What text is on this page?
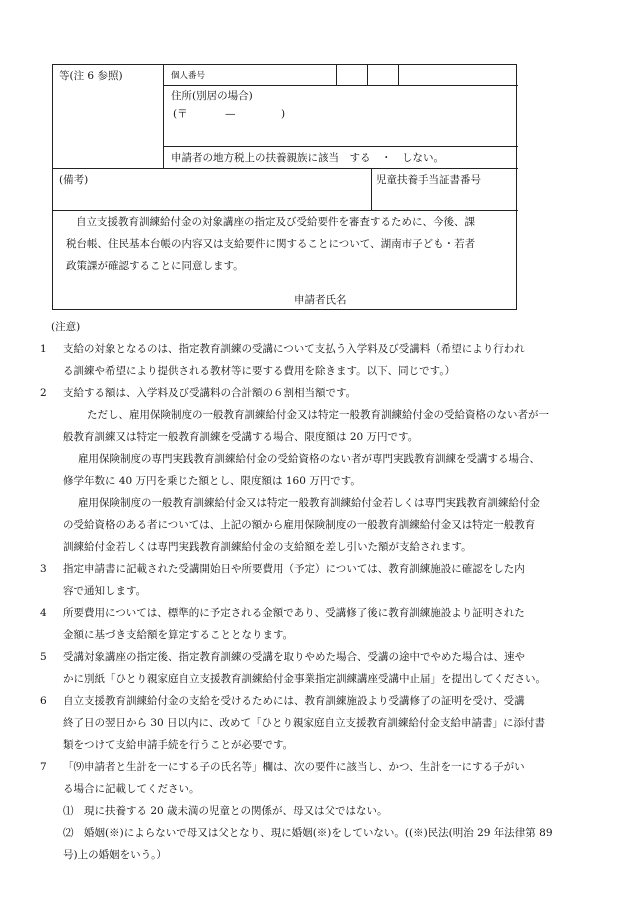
等(注 6 参照)	個人番号
住所(別居の場合)
(〒	—	)
申請者の地方税上の扶養親族に該当　する　・　しない。
(備考)	児童扶養手当証書番号
申請者氏名
自立支援教育訓練給付金の対象講座の指定及び受給要件を審査するために、今後、課
税台帳、住民基本台帳の内容又は支給要件に関することについて、湖南市子ども・若者
政策課が確認することに同意します。
(注意)
1 支給の対象となるのは、指定教育訓練の受講について支払う入学料及び受講料（希望により行われ
る訓練や希望により提供される教材等に要する費用を除きます。以下、同じです。）
2 支給する額は、入学料及び受講料の合計額の６割相当額です。
ただし、雇用保険制度の一般教育訓練給付金又は特定一般教育訓練給付金の受給資格のない者が一
般教育訓練又は特定一般教育訓練を受講する場合、限度額は 20 万円です。
雇用保険制度の専門実践教育訓練給付金の受給資格のない者が専門実践教育訓練を受講する場合、
修学年数に 40 万円を乗じた額とし、限度額は 160 万円です。
雇用保険制度の一般教育訓練給付金又は特定一般教育訓練給付金若しくは専門実践教育訓練給付金
の受給資格のある者については、上記の額から雇用保険制度の一般教育訓練給付金又は特定一般教育
訓練給付金若しくは専門実践教育訓練給付金の支給額を差し引いた額が支給されます。
3 指定申請書に記載された受講開始日や所要費用（予定）については、教育訓練施設に確認をした内
容で通知します。
4 所要費用については、標準的に予定される金額であり、受講修了後に教育訓練施設より証明された
金額に基づき支給額を算定することとなります。
5 受講対象講座の指定後、指定教育訓練の受講を取りやめた場合、受講の途中でやめた場合は、速や
かに別紙「ひとり親家庭自立支援教育訓練給付金事業指定訓練講座受講中止届」を提出してください。
6 自立支援教育訓練給付金の支給を受けるためには、教育訓練施設より受講修了の証明を受け、受講
終了日の翌日から 30 日以内に、改めて「ひとり親家庭自立支援教育訓練給付金支給申請書」に添付書
類をつけて支給申請手続を行うことが必要です。
7 「⑼申請者と生計を一にする子の氏名等」欄は、次の要件に該当し、かつ、生計を一にする子がい
る場合に記載してください。
⑴　現に扶養する 20 歳未満の児童との関係が、母又は父ではない。
⑵　婚姻(※)によらないで母又は父となり、現に婚姻(※)をしていない。((※)民法(明治 29 年法律第 89
号)上の婚姻をいう。）
